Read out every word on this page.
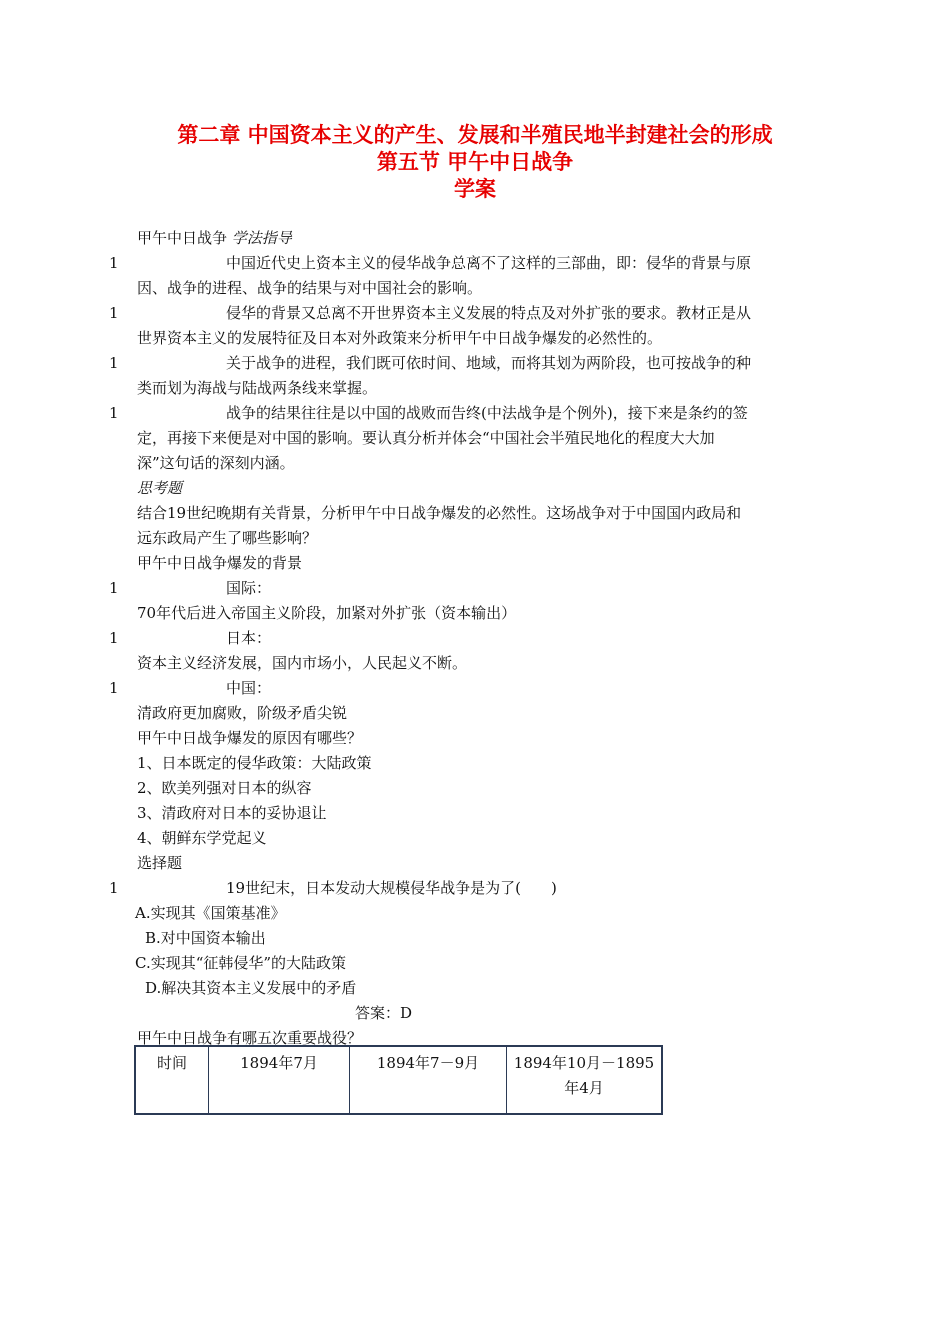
第二章 中国资本主义的产生、发展和半殖民地半封建社会的形成
第五节 甲午中日战争
学案
甲午中日战争 学法指导
1	中国近代史上资本主义的侵华战争总离不了这样的三部曲，即：侵华的背景与原
因、战争的进程、战争的结果与对中国社会的影响。
1	侵华的背景又总离不开世界资本主义发展的特点及对外扩张的要求。教材正是从
世界资本主义的发展特征及日本对外政策来分析甲午中日战争爆发的必然性的。
1	关于战争的进程，我们既可依时间、地域，而将其划为两阶段，也可按战争的种
类而划为海战与陆战两条线来掌握。
1	战争的结果往往是以中国的战败而告终(中法战争是个例外)，接下来是条约的签
定，再接下来便是对中国的影响。要认真分析并体会“中国社会半殖民地化的程度大大加
深”这句话的深刻内涵。
思考题
结合19世纪晚期有关背景，分析甲午中日战争爆发的必然性。这场战争对于中国国内政局和
远东政局产生了哪些影响？
甲午中日战争爆发的背景
1	国际：
70年代后进入帝国主义阶段，加紧对外扩张（资本输出）
1	日本：
资本主义经济发展，国内市场小，人民起义不断。
1	中国：
清政府更加腐败，阶级矛盾尖锐
甲午中日战争爆发的原因有哪些？
1、日本既定的侵华政策：大陆政策
2、欧美列强对日本的纵容
3、清政府对日本的妥协退让
4、朝鲜东学党起义
选择题
1	19世纪末，日本发动大规模侵华战争是为了(　　)
A.实现其《国策基准》
B.对中国资本输出
C.实现其“征韩侵华”的大陆政策
D.解决其资本主义发展中的矛盾
答案：D
甲午中日战争有哪五次重要战役？
时间	1894年7月	1894年7－9月	1894年10月－1895年4月
